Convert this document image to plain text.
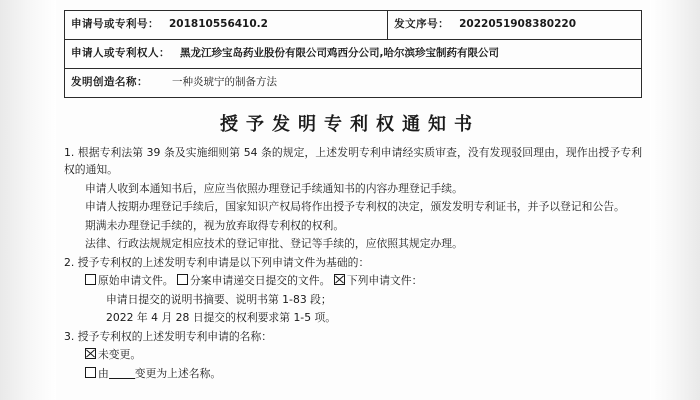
申请号或专利号： 201810556410.2	发文序号： 2022051908380220

申请人或专利权人： 黑龙江珍宝岛药业股份有限公司鸡西分公司,哈尔滨珍宝制药有限公司

发明创造名称：	一种炎琥宁的制备方法
授予发明专利权通知书
1. 根据专利法第 39 条及实施细则第 54 条的规定，上述发明专利申请经实质审查，没有发现驳回理由，现作出授予专利权的通知。
申请人收到本通知书后，应应当依照办理登记手续通知书的内容办理登记手续。
申请人按期办理登记手续后，国家知识产权局将作出授予专利权的决定，颁发发明专利证书，并予以登记和公告。
期满未办理登记手续的，视为放弃取得专利权的权利。
法律、行政法规规定相应技术的登记审批、登记等手续的，应依照其规定办理。
2. 授予专利权的上述发明专利申请是以下列申请文件为基础的：
原始申请文件。 分案申请递交日提交的文件。 下列申请文件：
申请日提交的说明书摘要、说明书第 1-83 段；
2022 年 4 月 28 日提交的权利要求第 1-5 项。
3. 授予专利权的上述发明专利申请的名称：
未变更。
由 变更为上述名称。
